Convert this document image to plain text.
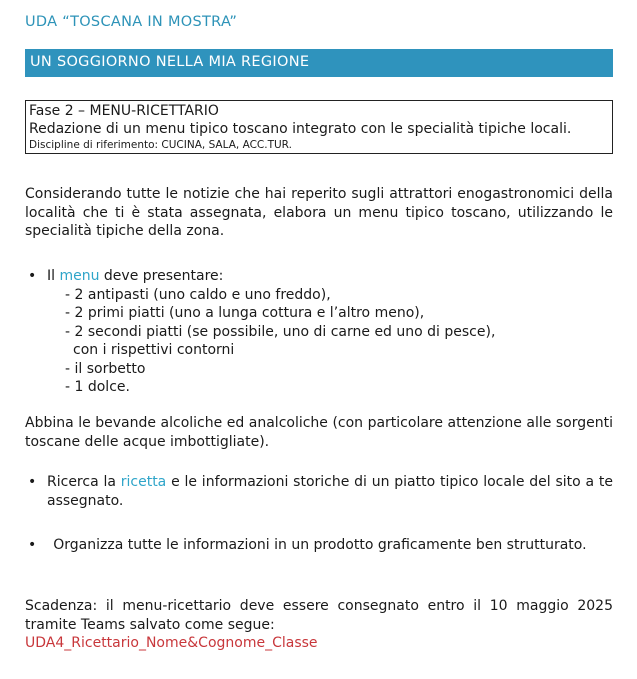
UDA “TOSCANA IN MOSTRA”
UN SOGGIORNO NELLA MIA REGIONE
Fase 2 – MENU-RICETTARIO
Redazione di un menu tipico toscano integrato con le specialità tipiche locali.
Discipline di riferimento: CUCINA, SALA, ACC.TUR.
Considerando tutte le notizie che hai reperito sugli attrattori enogastronomici della località che ti è stata assegnata, elabora un menu tipico toscano, utilizzando le specialità tipiche della zona.
• Il menu deve presentare:
- 2 antipasti (uno caldo e uno freddo),
- 2 primi piatti (uno a lunga cottura e l’altro meno),
- 2 secondi piatti (se possibile, uno di carne ed uno di pesce),
con i rispettivi contorni
- il sorbetto
- 1 dolce.
Abbina le bevande alcoliche ed analcoliche (con particolare attenzione alle sorgenti toscane delle acque imbottigliate).
• Ricerca la ricetta e le informazioni storiche di un piatto tipico locale del sito a te assegnato.
• Organizza tutte le informazioni in un prodotto graficamente ben strutturato.
Scadenza: il menu-ricettario deve essere consegnato entro il 10 maggio 2025 tramite Teams salvato come segue:
UDA4_Ricettario_Nome&Cognome_Classe
